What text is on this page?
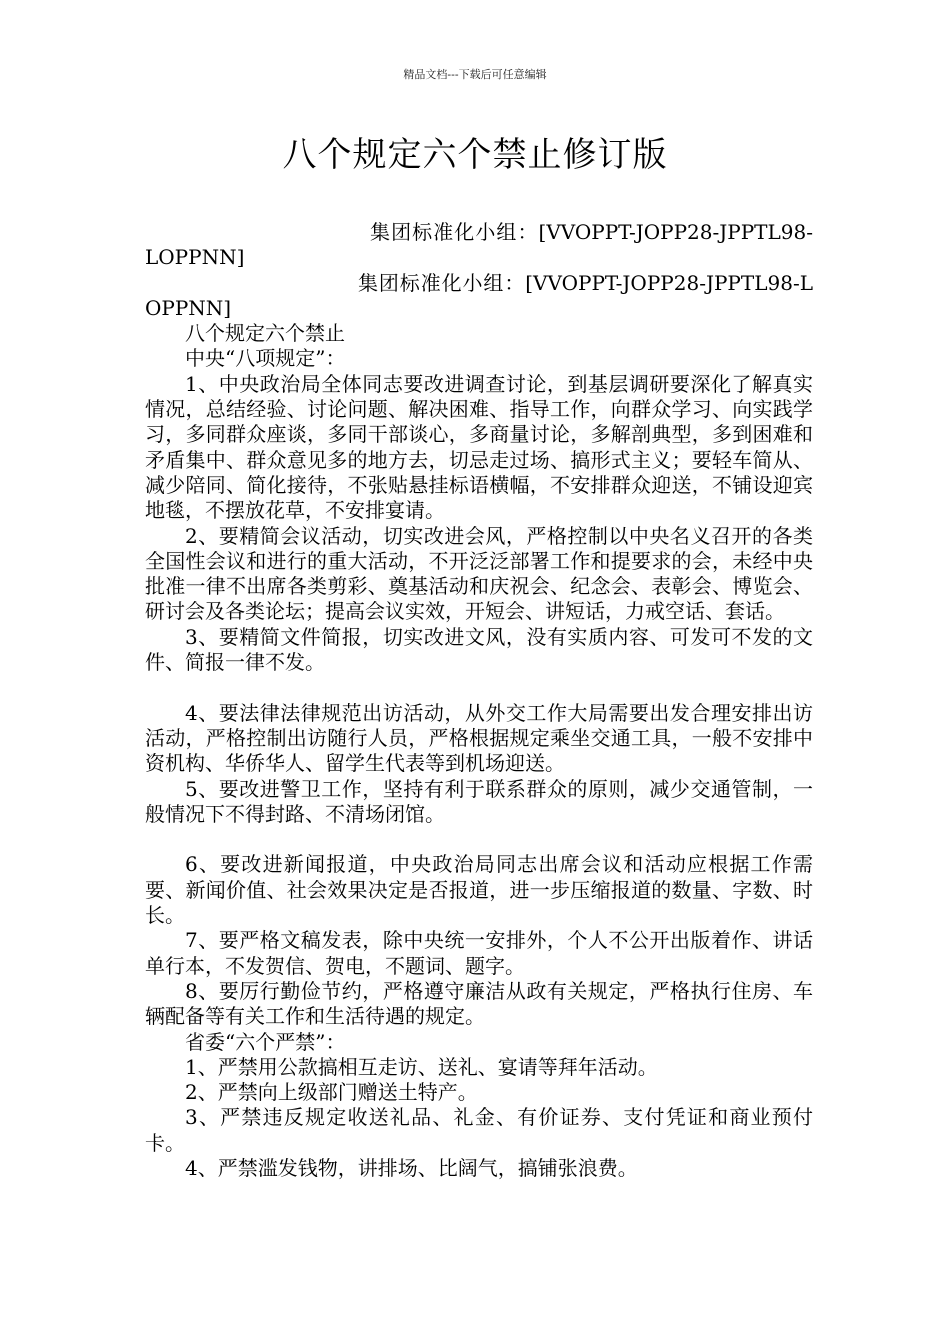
精品文档---下载后可任意编辑
八个规定六个禁止修订版

集团标准化小组：[VVOPPT-JOPP28-JPPTL98-LOPPNN]

集团标准化小组：[VVOPPT-JOPP28-JPPTL98-LOPPNN]

八个规定六个禁止

中央“八项规定”：

1、中央政治局全体同志要改进调查讨论，到基层调研要深化了解真实情况，总结经验、讨论问题、解决困难、指导工作，向群众学习、向实践学习，多同群众座谈，多同干部谈心，多商量讨论，多解剖典型，多到困难和矛盾集中、群众意见多的地方去，切忌走过场、搞形式主义；要轻车简从、减少陪同、简化接待，不张贴悬挂标语横幅，不安排群众迎送，不铺设迎宾地毯，不摆放花草，不安排宴请。

2、要精简会议活动，切实改进会风，严格控制以中央名义召开的各类全国性会议和进行的重大活动，不开泛泛部署工作和提要求的会，未经中央批准一律不出席各类剪彩、奠基活动和庆祝会、纪念会、表彰会、博览会、研讨会及各类论坛；提高会议实效，开短会、讲短话，力戒空话、套话。

3、要精简文件简报，切实改进文风，没有实质内容、可发可不发的文件、简报一律不发。

4、要法律法律规范出访活动，从外交工作大局需要出发合理安排出访活动，严格控制出访随行人员，严格根据规定乘坐交通工具，一般不安排中资机构、华侨华人、留学生代表等到机场迎送。

5、要改进警卫工作，坚持有利于联系群众的原则，减少交通管制，一般情况下不得封路、不清场闭馆。

6、要改进新闻报道，中央政治局同志出席会议和活动应根据工作需要、新闻价值、社会效果决定是否报道，进一步压缩报道的数量、字数、时长。

7、要严格文稿发表，除中央统一安排外，个人不公开出版着作、讲话单行本，不发贺信、贺电，不题词、题字。

8、要厉行勤俭节约，严格遵守廉洁从政有关规定，严格执行住房、车辆配备等有关工作和生活待遇的规定。

省委“六个严禁”：

1、严禁用公款搞相互走访、送礼、宴请等拜年活动。

2、严禁向上级部门赠送土特产。

3、严禁违反规定收送礼品、礼金、有价证券、支付凭证和商业预付卡。

4、严禁滥发钱物，讲排场、比阔气，搞铺张浪费。
